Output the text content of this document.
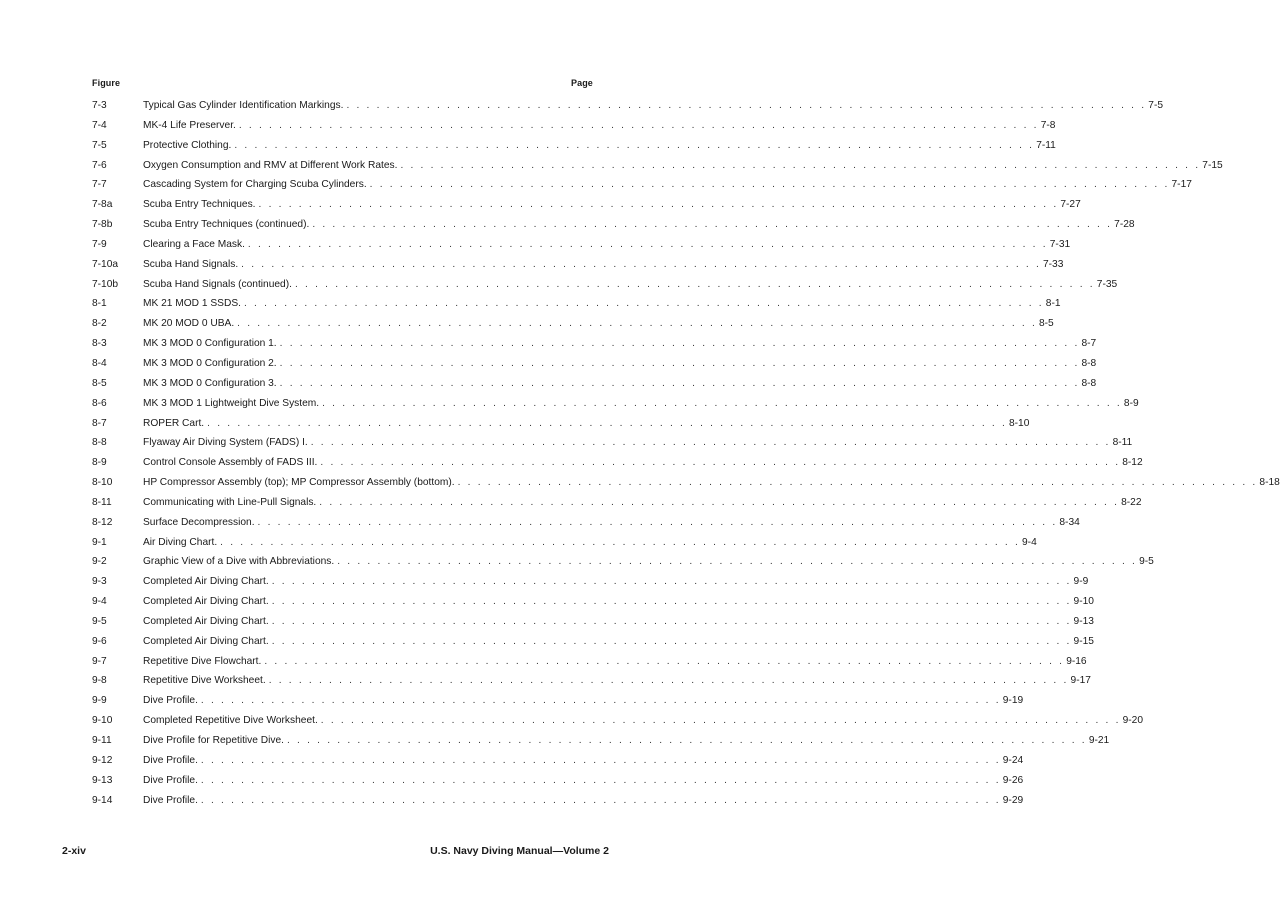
Figure	Page
7-3	Typical Gas Cylinder Identification Markings. . . . . . . . . . . . . . . . . . . . . . . . . . . . . . . . . . . . . . . . . . . . . . . . . . . . . . . . . . . . . . . . . . . . . . . . . . . . . . . . . 7-5
7-4	MK-4 Life Preserver. . . . . . . . . . . . . . . . . . . . . . . . . . . . . . . . . . . . . . . . . . . . . . . . . . . . . . . . . . . . . . . . . . . . . . . . . . . . . . . . . 7-8
7-5	Protective Clothing. . . . . . . . . . . . . . . . . . . . . . . . . . . . . . . . . . . . . . . . . . . . . . . . . . . . . . . . . . . . . . . . . . . . . . . . . . . . . . . . . 7-11
7-6	Oxygen Consumption and RMV at Different Work Rates. . . . . . . . . . . . . . . . . . . . . . . . . . . . . . . . . . . . . . . . . . . . . . . . . . . . . . . . . . . . . . . . . . . . . . . . . . . . . . . . . 7-15
7-7	Cascading System for Charging Scuba Cylinders. . . . . . . . . . . . . . . . . . . . . . . . . . . . . . . . . . . . . . . . . . . . . . . . . . . . . . . . . . . . . . . . . . . . . . . . . . . . . . . . . 7-17
7-8a	Scuba Entry Techniques. . . . . . . . . . . . . . . . . . . . . . . . . . . . . . . . . . . . . . . . . . . . . . . . . . . . . . . . . . . . . . . . . . . . . . . . . . . . . . . . . 7-27
7-8b	Scuba Entry Techniques (continued). . . . . . . . . . . . . . . . . . . . . . . . . . . . . . . . . . . . . . . . . . . . . . . . . . . . . . . . . . . . . . . . . . . . . . . . . . . . . . . . . 7-28
7-9	Clearing a Face Mask. . . . . . . . . . . . . . . . . . . . . . . . . . . . . . . . . . . . . . . . . . . . . . . . . . . . . . . . . . . . . . . . . . . . . . . . . . . . . . . . . 7-31
7-10a	Scuba Hand Signals. . . . . . . . . . . . . . . . . . . . . . . . . . . . . . . . . . . . . . . . . . . . . . . . . . . . . . . . . . . . . . . . . . . . . . . . . . . . . . . . . 7-33
7-10b	Scuba Hand Signals (continued). . . . . . . . . . . . . . . . . . . . . . . . . . . . . . . . . . . . . . . . . . . . . . . . . . . . . . . . . . . . . . . . . . . . . . . . . . . . . . . . . 7-35
8-1	MK 21 MOD 1 SSDS. . . . . . . . . . . . . . . . . . . . . . . . . . . . . . . . . . . . . . . . . . . . . . . . . . . . . . . . . . . . . . . . . . . . . . . . . . . . . . . . . 8-1
8-2	MK 20 MOD 0 UBA. . . . . . . . . . . . . . . . . . . . . . . . . . . . . . . . . . . . . . . . . . . . . . . . . . . . . . . . . . . . . . . . . . . . . . . . . . . . . . . . . 8-5
8-3	MK 3 MOD 0 Configuration 1. . . . . . . . . . . . . . . . . . . . . . . . . . . . . . . . . . . . . . . . . . . . . . . . . . . . . . . . . . . . . . . . . . . . . . . . . . . . . . . . . 8-7
8-4	MK 3 MOD 0 Configuration 2. . . . . . . . . . . . . . . . . . . . . . . . . . . . . . . . . . . . . . . . . . . . . . . . . . . . . . . . . . . . . . . . . . . . . . . . . . . . . . . . . 8-8
8-5	MK 3 MOD 0 Configuration 3. . . . . . . . . . . . . . . . . . . . . . . . . . . . . . . . . . . . . . . . . . . . . . . . . . . . . . . . . . . . . . . . . . . . . . . . . . . . . . . . . 8-8
8-6	MK 3 MOD 1 Lightweight Dive System. . . . . . . . . . . . . . . . . . . . . . . . . . . . . . . . . . . . . . . . . . . . . . . . . . . . . . . . . . . . . . . . . . . . . . . . . . . . . . . . . 8-9
8-7	ROPER Cart. . . . . . . . . . . . . . . . . . . . . . . . . . . . . . . . . . . . . . . . . . . . . . . . . . . . . . . . . . . . . . . . . . . . . . . . . . . . . . . . . 8-10
8-8	Flyaway Air Diving System (FADS) I. . . . . . . . . . . . . . . . . . . . . . . . . . . . . . . . . . . . . . . . . . . . . . . . . . . . . . . . . . . . . . . . . . . . . . . . . . . . . . . . . 8-11
8-9	Control Console Assembly of FADS III. . . . . . . . . . . . . . . . . . . . . . . . . . . . . . . . . . . . . . . . . . . . . . . . . . . . . . . . . . . . . . . . . . . . . . . . . . . . . . . . . 8-12
8-10	HP Compressor Assembly (top); MP Compressor Assembly (bottom). . . . . . . . . . . . . . . . . . . . . . . . . . . . . . . . . . . . . . . . . . . . . . . . . . . . . . . . . . . . . . . . . . . . . . . . . . . . . . . . . 8-18
8-11	Communicating with Line-Pull Signals. . . . . . . . . . . . . . . . . . . . . . . . . . . . . . . . . . . . . . . . . . . . . . . . . . . . . . . . . . . . . . . . . . . . . . . . . . . . . . . . . 8-22
8-12	Surface Decompression. . . . . . . . . . . . . . . . . . . . . . . . . . . . . . . . . . . . . . . . . . . . . . . . . . . . . . . . . . . . . . . . . . . . . . . . . . . . . . . . . 8-34
9-1	Air Diving Chart. . . . . . . . . . . . . . . . . . . . . . . . . . . . . . . . . . . . . . . . . . . . . . . . . . . . . . . . . . . . . . . . . . . . . . . . . . . . . . . . . 9-4
9-2	Graphic View of a Dive with Abbreviations. . . . . . . . . . . . . . . . . . . . . . . . . . . . . . . . . . . . . . . . . . . . . . . . . . . . . . . . . . . . . . . . . . . . . . . . . . . . . . . . . 9-5
9-3	Completed Air Diving Chart. . . . . . . . . . . . . . . . . . . . . . . . . . . . . . . . . . . . . . . . . . . . . . . . . . . . . . . . . . . . . . . . . . . . . . . . . . . . . . . . . 9-9
9-4	Completed Air Diving Chart. . . . . . . . . . . . . . . . . . . . . . . . . . . . . . . . . . . . . . . . . . . . . . . . . . . . . . . . . . . . . . . . . . . . . . . . . . . . . . . . . 9-10
9-5	Completed Air Diving Chart. . . . . . . . . . . . . . . . . . . . . . . . . . . . . . . . . . . . . . . . . . . . . . . . . . . . . . . . . . . . . . . . . . . . . . . . . . . . . . . . . 9-13
9-6	Completed Air Diving Chart. . . . . . . . . . . . . . . . . . . . . . . . . . . . . . . . . . . . . . . . . . . . . . . . . . . . . . . . . . . . . . . . . . . . . . . . . . . . . . . . . 9-15
9-7	Repetitive Dive Flowchart. . . . . . . . . . . . . . . . . . . . . . . . . . . . . . . . . . . . . . . . . . . . . . . . . . . . . . . . . . . . . . . . . . . . . . . . . . . . . . . . . 9-16
9-8	Repetitive Dive Worksheet. . . . . . . . . . . . . . . . . . . . . . . . . . . . . . . . . . . . . . . . . . . . . . . . . . . . . . . . . . . . . . . . . . . . . . . . . . . . . . . . . 9-17
9-9	Dive Profile. . . . . . . . . . . . . . . . . . . . . . . . . . . . . . . . . . . . . . . . . . . . . . . . . . . . . . . . . . . . . . . . . . . . . . . . . . . . . . . . . 9-19
9-10	Completed Repetitive Dive Worksheet. . . . . . . . . . . . . . . . . . . . . . . . . . . . . . . . . . . . . . . . . . . . . . . . . . . . . . . . . . . . . . . . . . . . . . . . . . . . . . . . . 9-20
9-11	Dive Profile for Repetitive Dive. . . . . . . . . . . . . . . . . . . . . . . . . . . . . . . . . . . . . . . . . . . . . . . . . . . . . . . . . . . . . . . . . . . . . . . . . . . . . . . . . 9-21
9-12	Dive Profile. . . . . . . . . . . . . . . . . . . . . . . . . . . . . . . . . . . . . . . . . . . . . . . . . . . . . . . . . . . . . . . . . . . . . . . . . . . . . . . . . 9-24
9-13	Dive Profile. . . . . . . . . . . . . . . . . . . . . . . . . . . . . . . . . . . . . . . . . . . . . . . . . . . . . . . . . . . . . . . . . . . . . . . . . . . . . . . . . 9-26
9-14	Dive Profile. . . . . . . . . . . . . . . . . . . . . . . . . . . . . . . . . . . . . . . . . . . . . . . . . . . . . . . . . . . . . . . . . . . . . . . . . . . . . . . . . 9-29
2-xiv	U.S. Navy Diving Manual—Volume 2
